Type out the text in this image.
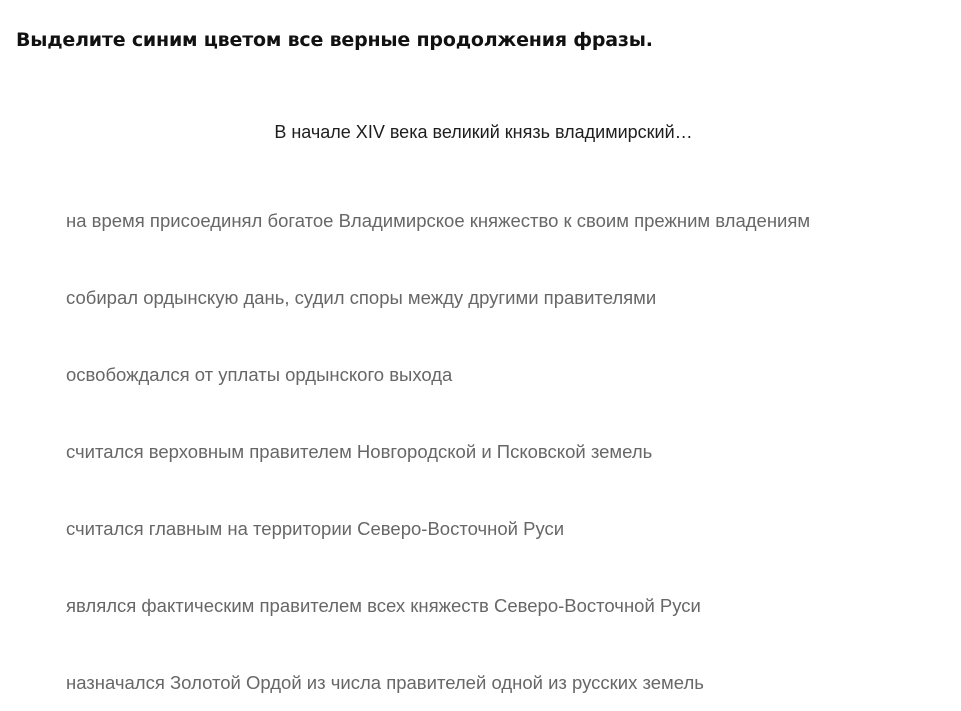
Выделите синим цветом все верные продолжения фразы.
В начале XIV века великий князь владимирский…
на время присоединял богатое Владимирское княжество к своим прежним владениям
собирал ордынскую дань, судил споры между другими правителями
освобождался от уплаты ордынского выхода
считался верховным правителем Новгородской и Псковской земель
считался главным на территории Северо-Восточной Руси
являлся фактическим правителем всех княжеств Северо-Восточной Руси
назначался Золотой Ордой из числа правителей одной из русских земель
